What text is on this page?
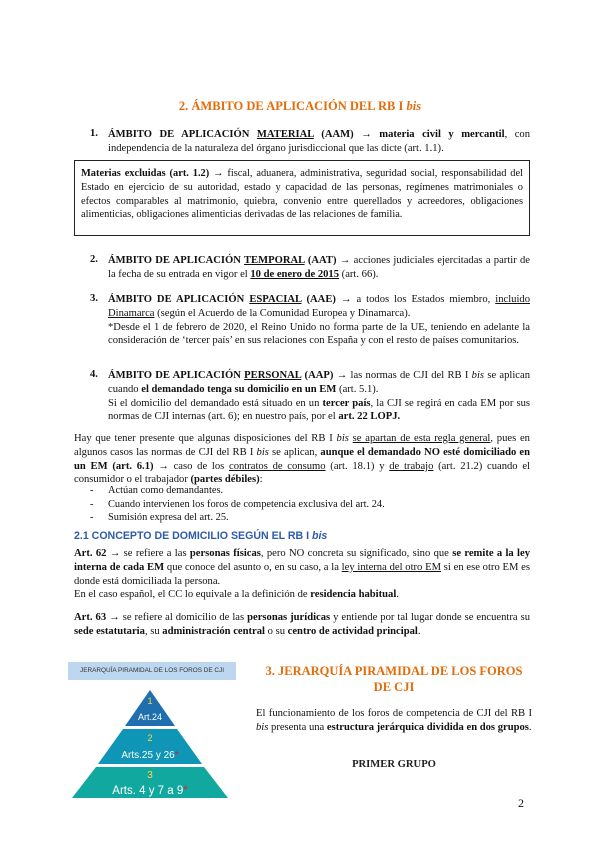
2. ÁMBITO DE APLICACIÓN DEL RB I bis
1. ÁMBITO DE APLICACIÓN MATERIAL (AAM) → materia civil y mercantil, con independencia de la naturaleza del órgano jurisdiccional que las dicte (art. 1.1).
Materias excluidas (art. 1.2) → fiscal, aduanera, administrativa, seguridad social, responsabilidad del Estado en ejercicio de su autoridad, estado y capacidad de las personas, regímenes matrimoniales o efectos comparables al matrimonio, quiebra, convenio entre querellados y acreedores, obligaciones alimenticias, obligaciones alimenticias derivadas de las relaciones de familia.
2. ÁMBITO DE APLICACIÓN TEMPORAL (AAT) → acciones judiciales ejercitadas a partir de la fecha de su entrada en vigor el 10 de enero de 2015 (art. 66).
3. ÁMBITO DE APLICACIÓN ESPACIAL (AAE) → a todos los Estados miembro, incluido Dinamarca (según el Acuerdo de la Comunidad Europea y Dinamarca).
*Desde el 1 de febrero de 2020, el Reino Unido no forma parte de la UE, teniendo en adelante la consideración de ‘tercer país’ en sus relaciones con España y con el resto de países comunitarios.
4. ÁMBITO DE APLICACIÓN PERSONAL (AAP) → las normas de CJI del RB I bis se aplican cuando el demandado tenga su domicilio en un EM (art. 5.1).
Si el domicilio del demandado está situado en un tercer país, la CJI se regirá en cada EM por sus normas de CJI internas (art. 6); en nuestro país, por el art. 22 LOPJ.
Hay que tener presente que algunas disposiciones del RB I bis se apartan de esta regla general, pues en algunos casos las normas de CJI del RB I bis se aplican, aunque el demandado NO esté domiciliado en un EM (art. 6.1) → caso de los contratos de consumo (art. 18.1) y de trabajo (art. 21.2) cuando el consumidor o el trabajador (partes débiles):
- Actúan como demandantes.
- Cuando intervienen los foros de competencia exclusiva del art. 24.
- Sumisión expresa del art. 25.
2.1 CONCEPTO DE DOMICILIO SEGÚN EL RB I bis
Art. 62 → se refiere a las personas físicas, pero NO concreta su significado, sino que se remite a la ley interna de cada EM que conoce del asunto o, en su caso, a la ley interna del otro EM si en ese otro EM es donde está domiciliada la persona.
En el caso español, el CC lo equivale a la definición de residencia habitual.
Art. 63 → se refiere al domicilio de las personas jurídicas y entiende por tal lugar donde se encuentra su sede estatutaria, su administración central o su centro de actividad principal.
JERARQUÍA PIRAMIDAL DE LOS FOROS DE CJI
1
Art.24
2
Arts.25 y 26*
3
Arts. 4 y 7 a 9*
3. JERARQUÍA PIRAMIDAL DE LOS FOROS DE CJI
El funcionamiento de los foros de competencia de CJI del RB I bis presenta una estructura jerárquica dividida en dos grupos.
PRIMER GRUPO
2
